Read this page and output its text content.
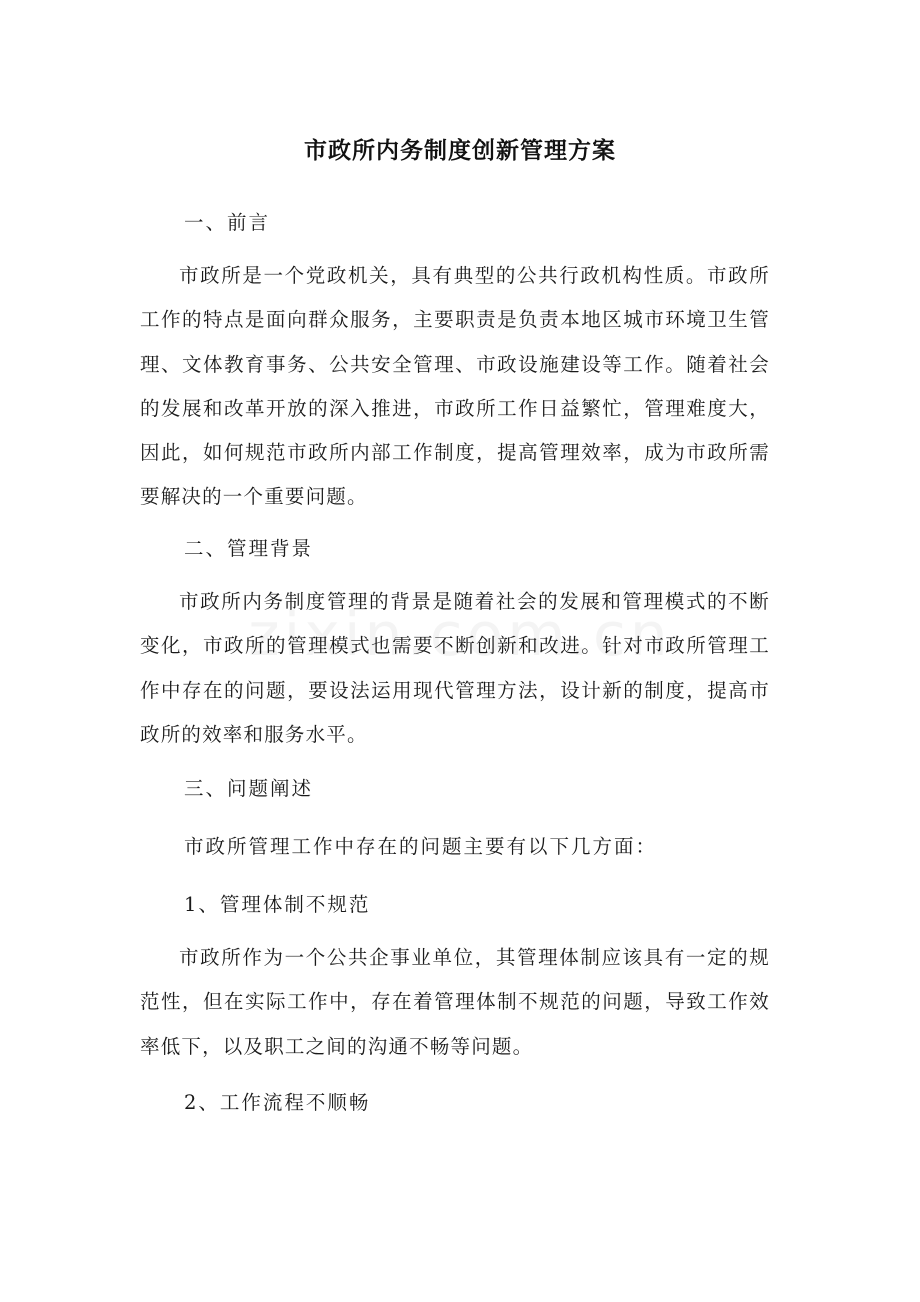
市政所内务制度创新管理方案

一、前言

市政所是一个党政机关，具有典型的公共行政机构性质。市政所工作的特点是面向群众服务，主要职责是负责本地区城市环境卫生管理、文体教育事务、公共安全管理、市政设施建设等工作。随着社会的发展和改革开放的深入推进，市政所工作日益繁忙，管理难度大，因此，如何规范市政所内部工作制度，提高管理效率，成为市政所需要解决的一个重要问题。

二、管理背景

市政所内务制度管理的背景是随着社会的发展和管理模式的不断变化，市政所的管理模式也需要不断创新和改进。针对市政所管理工作中存在的问题，要设法运用现代管理方法，设计新的制度，提高市政所的效率和服务水平。

三、问题阐述

市政所管理工作中存在的问题主要有以下几方面：

1、管理体制不规范

市政所作为一个公共企事业单位，其管理体制应该具有一定的规范性，但在实际工作中，存在着管理体制不规范的问题，导致工作效率低下，以及职工之间的沟通不畅等问题。

2、工作流程不顺畅
